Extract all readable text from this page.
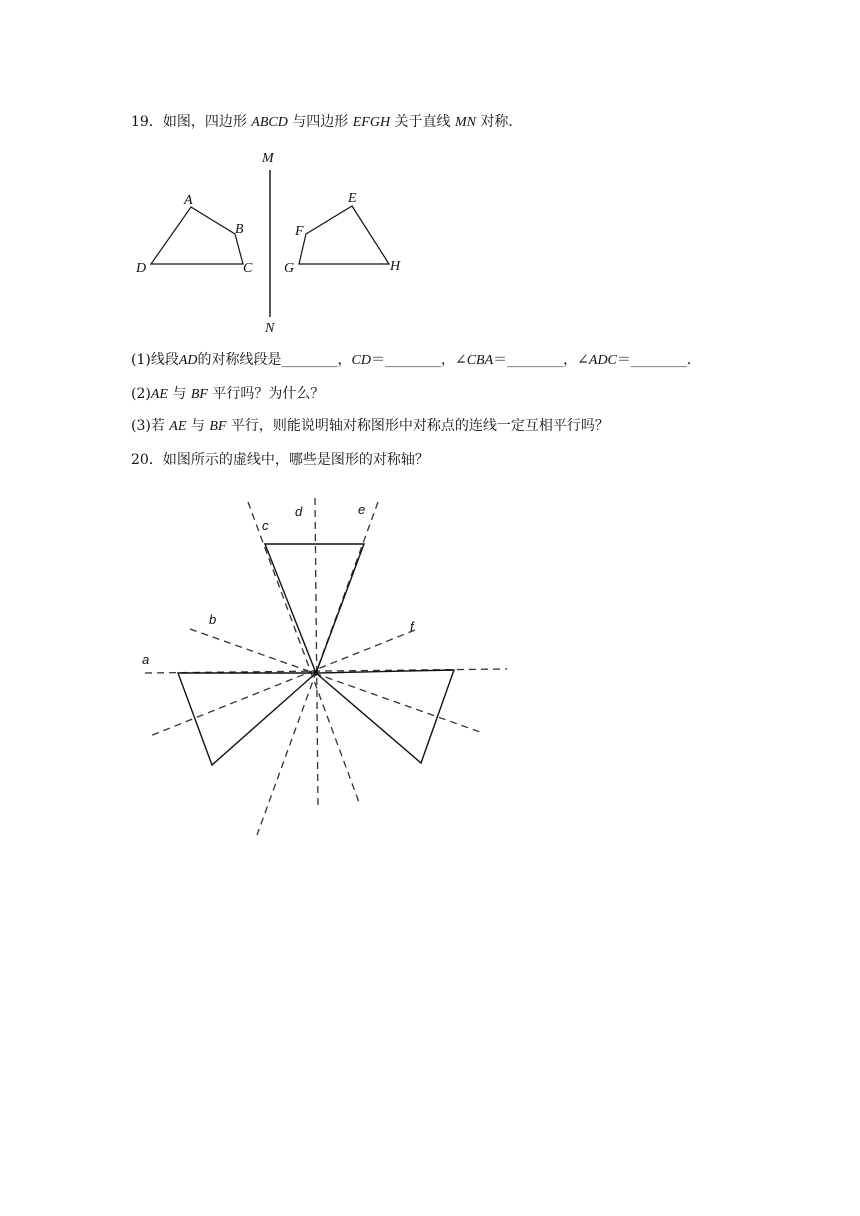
19．如图，四边形 ABCD 与四边形 EFGH 关于直线 MN 对称．
M
N
A
B
C
D
E
F
G	H
(1)线段AD的对称线段是________，CD＝________，∠CBA＝________，∠ADC＝________．
(2)AE 与 BF 平行吗？为什么？
(3)若 AE 与 BF 平行，则能说明轴对称图形中对称点的连线一定互相平行吗？
20．如图所示的虚线中，哪些是图形的对称轴？
a
b
c
d	e
f
